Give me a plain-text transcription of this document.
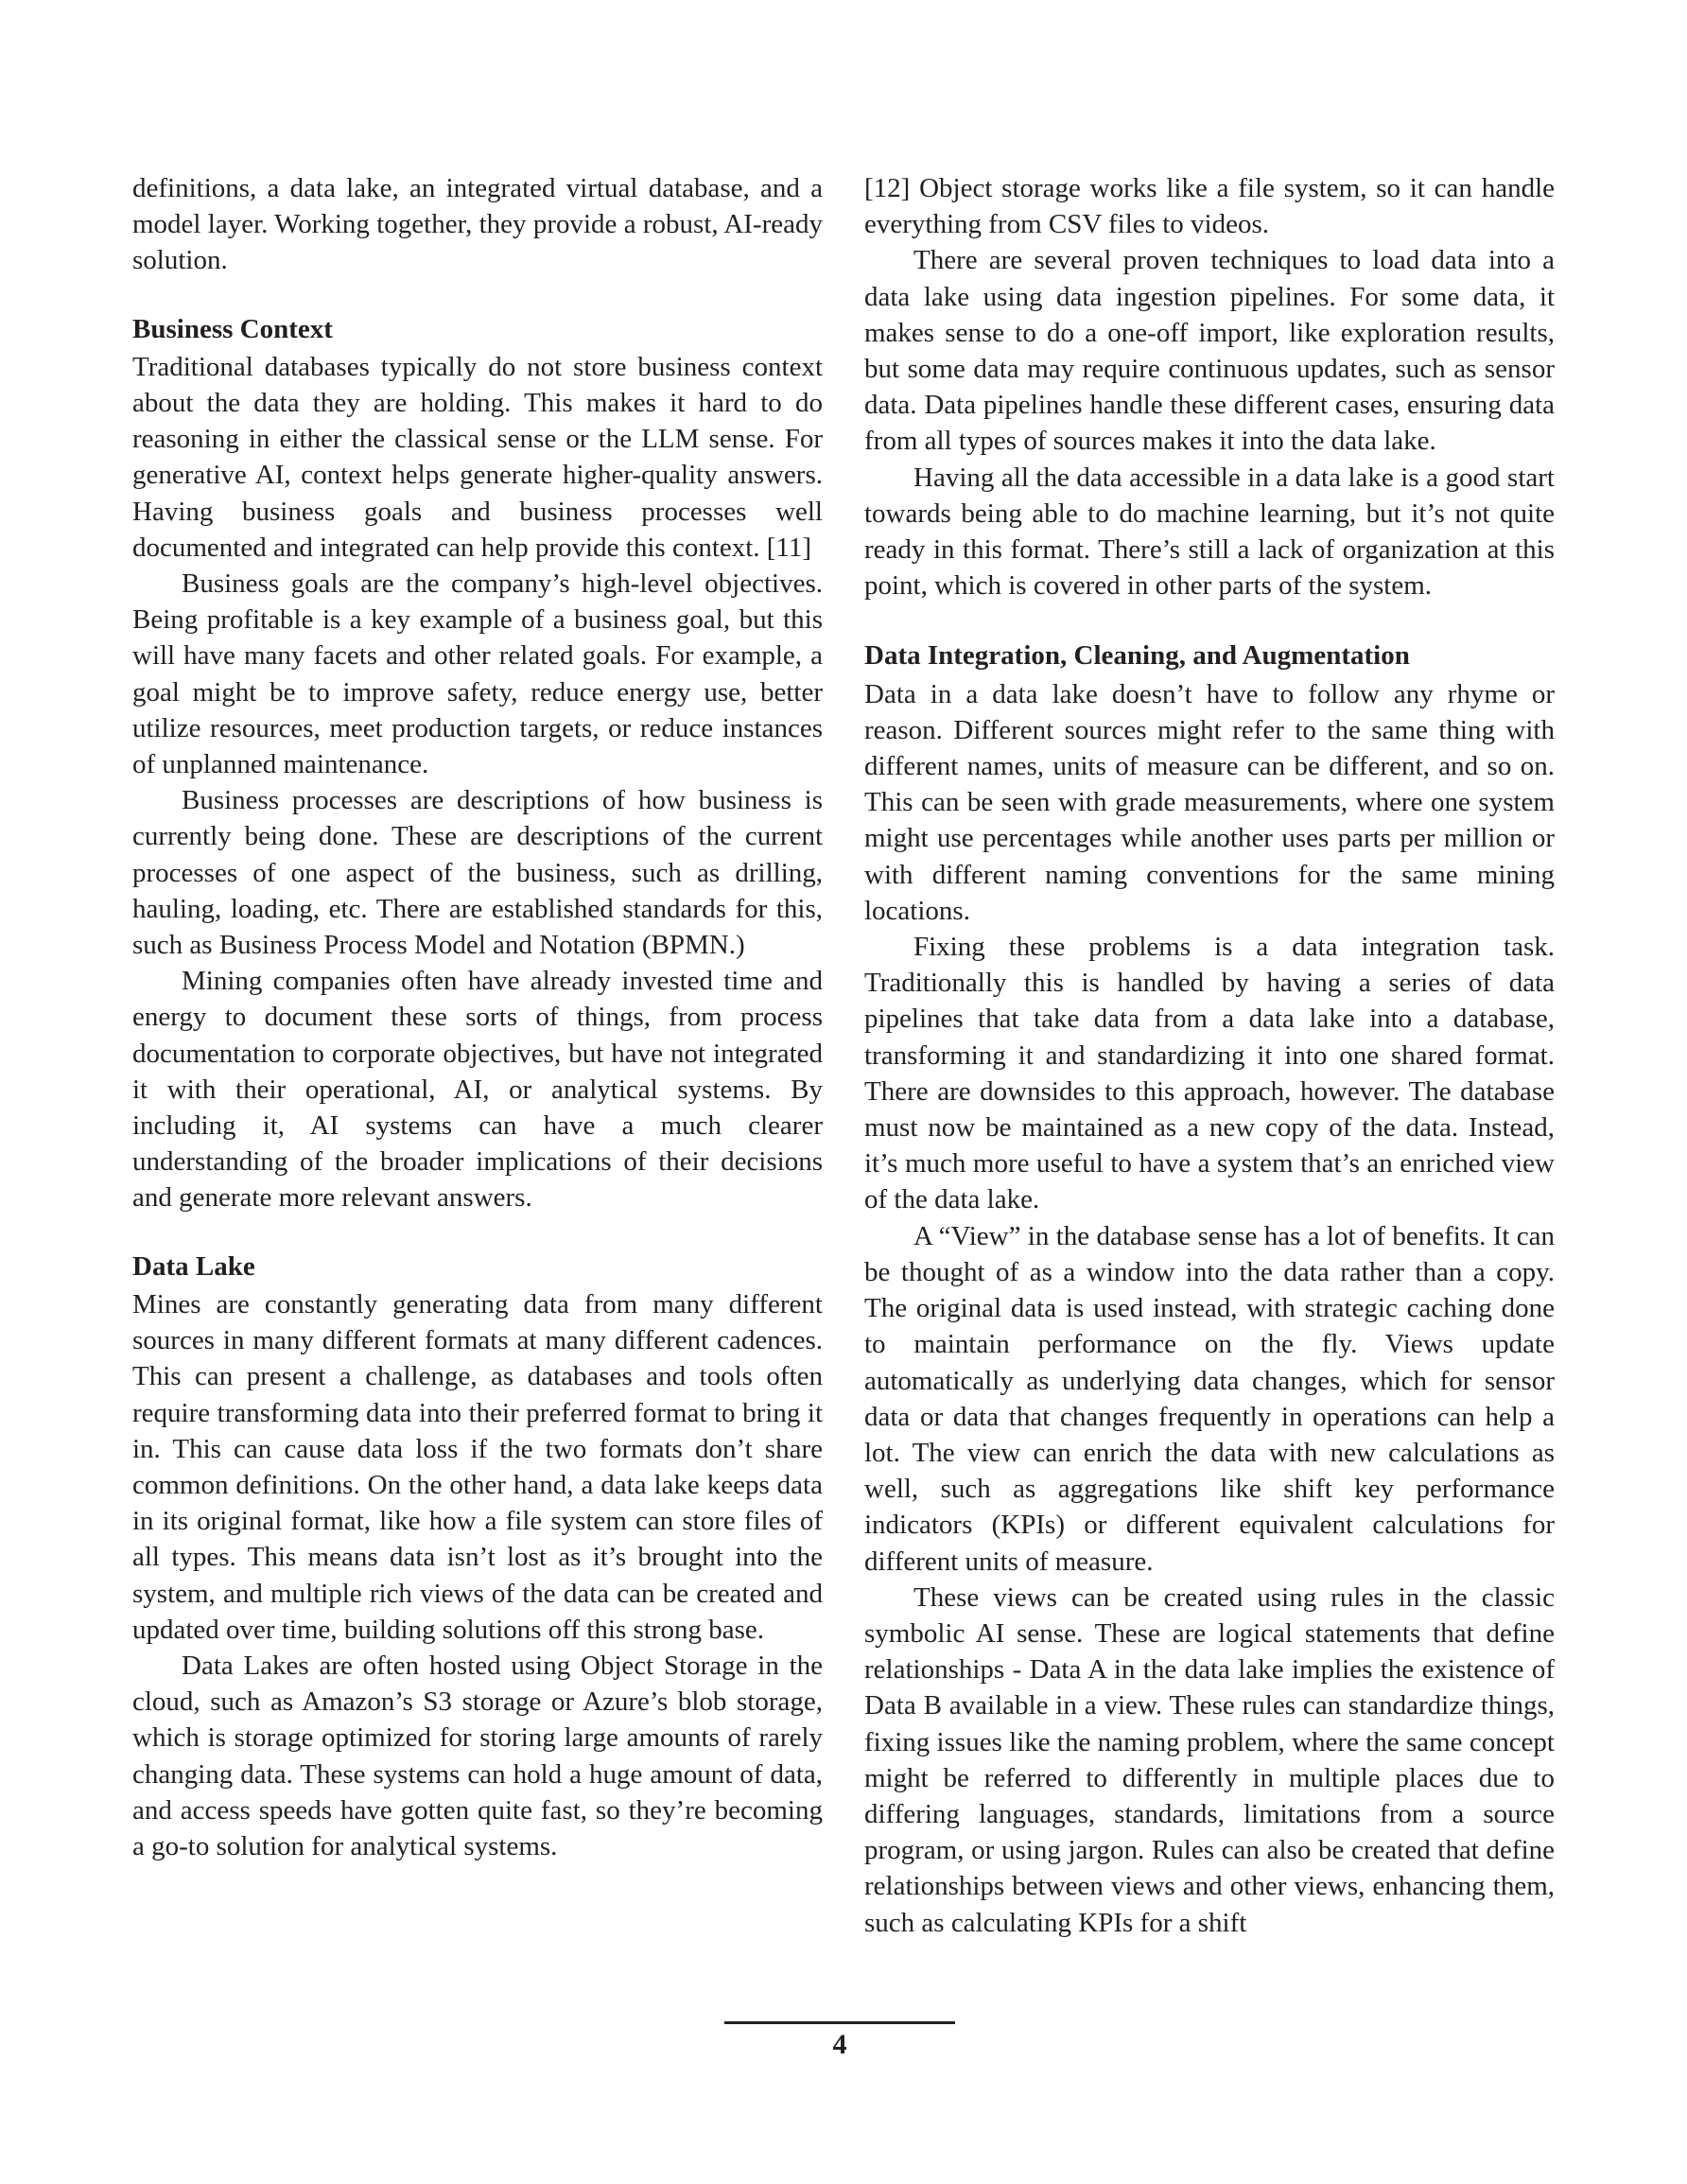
definitions, a data lake, an integrated virtual database, and a model layer. Working together, they provide a robust, AI-ready solution.

Business Context

Traditional databases typically do not store business context about the data they are holding. This makes it hard to do reasoning in either the classical sense or the LLM sense. For generative AI, context helps generate higher-quality answers. Having business goals and business processes well documented and integrated can help provide this context. [11]

Business goals are the company’s high-level objectives. Being profitable is a key example of a business goal, but this will have many facets and other related goals. For example, a goal might be to improve safety, reduce energy use, better utilize resources, meet production targets, or reduce instances of unplanned maintenance.

Business processes are descriptions of how business is currently being done. These are descriptions of the current processes of one aspect of the business, such as drilling, hauling, loading, etc. There are established standards for this, such as Business Process Model and Notation (BPMN.)

Mining companies often have already invested time and energy to document these sorts of things, from process documentation to corporate objectives, but have not integrated it with their operational, AI, or analytical systems. By including it, AI systems can have a much clearer understanding of the broader implications of their decisions and generate more relevant answers.

Data Lake

Mines are constantly generating data from many different sources in many different formats at many different cadences. This can present a challenge, as databases and tools often require transforming data into their preferred format to bring it in. This can cause data loss if the two formats don’t share common definitions. On the other hand, a data lake keeps data in its original format, like how a file system can store files of all types. This means data isn’t lost as it’s brought into the system, and multiple rich views of the data can be created and updated over time, building solutions off this strong base.

Data Lakes are often hosted using Object Storage in the cloud, such as Amazon’s S3 storage or Azure’s blob storage, which is storage optimized for storing large amounts of rarely changing data. These systems can hold a huge amount of data, and access speeds have gotten quite fast, so they’re becoming a go-to solution for analytical systems.

[12] Object storage works like a file system, so it can handle everything from CSV files to videos.

There are several proven techniques to load data into a data lake using data ingestion pipelines. For some data, it makes sense to do a one-off import, like exploration results, but some data may require continuous updates, such as sensor data. Data pipelines handle these different cases, ensuring data from all types of sources makes it into the data lake.

Having all the data accessible in a data lake is a good start towards being able to do machine learning, but it’s not quite ready in this format. There’s still a lack of organization at this point, which is covered in other parts of the system.

Data Integration, Cleaning, and Augmentation

Data in a data lake doesn’t have to follow any rhyme or reason. Different sources might refer to the same thing with different names, units of measure can be different, and so on. This can be seen with grade measurements, where one system might use percentages while another uses parts per million or with different naming conventions for the same mining locations.

Fixing these problems is a data integration task. Traditionally this is handled by having a series of data pipelines that take data from a data lake into a database, transforming it and standardizing it into one shared format. There are downsides to this approach, however. The database must now be maintained as a new copy of the data. Instead, it’s much more useful to have a system that’s an enriched view of the data lake.

A “View” in the database sense has a lot of benefits. It can be thought of as a window into the data rather than a copy. The original data is used instead, with strategic caching done to maintain performance on the fly. Views update automatically as underlying data changes, which for sensor data or data that changes frequently in operations can help a lot. The view can enrich the data with new calculations as well, such as aggregations like shift key performance indicators (KPIs) or different equivalent calculations for different units of measure.

These views can be created using rules in the classic symbolic AI sense. These are logical statements that define relationships - Data A in the data lake implies the existence of Data B available in a view. These rules can standardize things, fixing issues like the naming problem, where the same concept might be referred to differently in multiple places due to differing languages, standards, limitations from a source program, or using jargon. Rules can also be created that define relationships between views and other views, enhancing them, such as calculating KPIs for a shift

4
